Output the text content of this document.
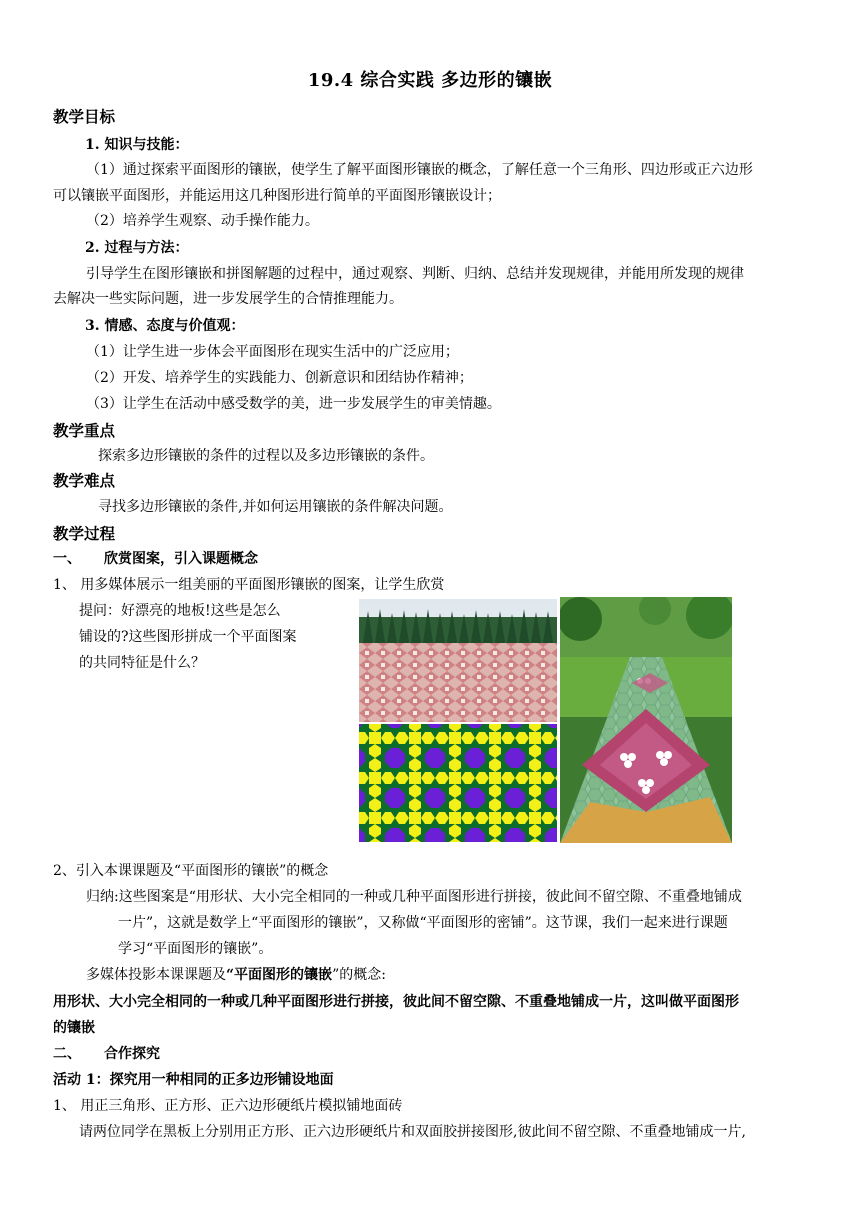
19.4 综合实践 多边形的镶嵌
教学目标
1. 知识与技能：
（1）通过探索平面图形的镶嵌，使学生了解平面图形镶嵌的概念，了解任意一个三角形、四边形或正六边形
可以镶嵌平面图形，并能运用这几种图形进行简单的平面图形镶嵌设计；
（2）培养学生观察、动手操作能力。
2. 过程与方法：
引导学生在图形镶嵌和拼图解题的过程中，通过观察、判断、归纳、总结并发现规律，并能用所发现的规律
去解决一些实际问题，进一步发展学生的合情推理能力。
3. 情感、态度与价值观：
（1）让学生进一步体会平面图形在现实生活中的广泛应用；
（2）开发、培养学生的实践能力、创新意识和团结协作精神；
（3）让学生在活动中感受数学的美，进一步发展学生的审美情趣。
教学重点
探索多边形镶嵌的条件的过程以及多边形镶嵌的条件。
教学难点
寻找多边形镶嵌的条件,并如何运用镶嵌的条件解决问题。
教学过程
一、 欣赏图案，引入课题概念
1、 用多媒体展示一组美丽的平面图形镶嵌的图案，让学生欣赏
提问：好漂亮的地板!这些是怎么
铺设的?这些图形拼成一个平面图案
的共同特征是什么？
2、引入本课课题及“平面图形的镶嵌”的概念
归纳:这些图案是“用形状、大小完全相同的一种或几种平面图形进行拼接，彼此间不留空隙、不重叠地铺成
一片”，这就是数学上“平面图形的镶嵌”，又称做“平面图形的密铺”。这节课，我们一起来进行课题
学习“平面图形的镶嵌”。
多媒体投影本课课题及“平面图形的镶嵌”的概念:
用形状、大小完全相同的一种或几种平面图形进行拼接，彼此间不留空隙、不重叠地铺成一片，这叫做平面图形
的镶嵌
二、 合作探究
活动 1：探究用一种相同的正多边形铺设地面
1、 用正三角形、正方形、正六边形硬纸片模拟铺地面砖
请两位同学在黑板上分别用正方形、正六边形硬纸片和双面胶拼接图形,彼此间不留空隙、不重叠地铺成一片,
